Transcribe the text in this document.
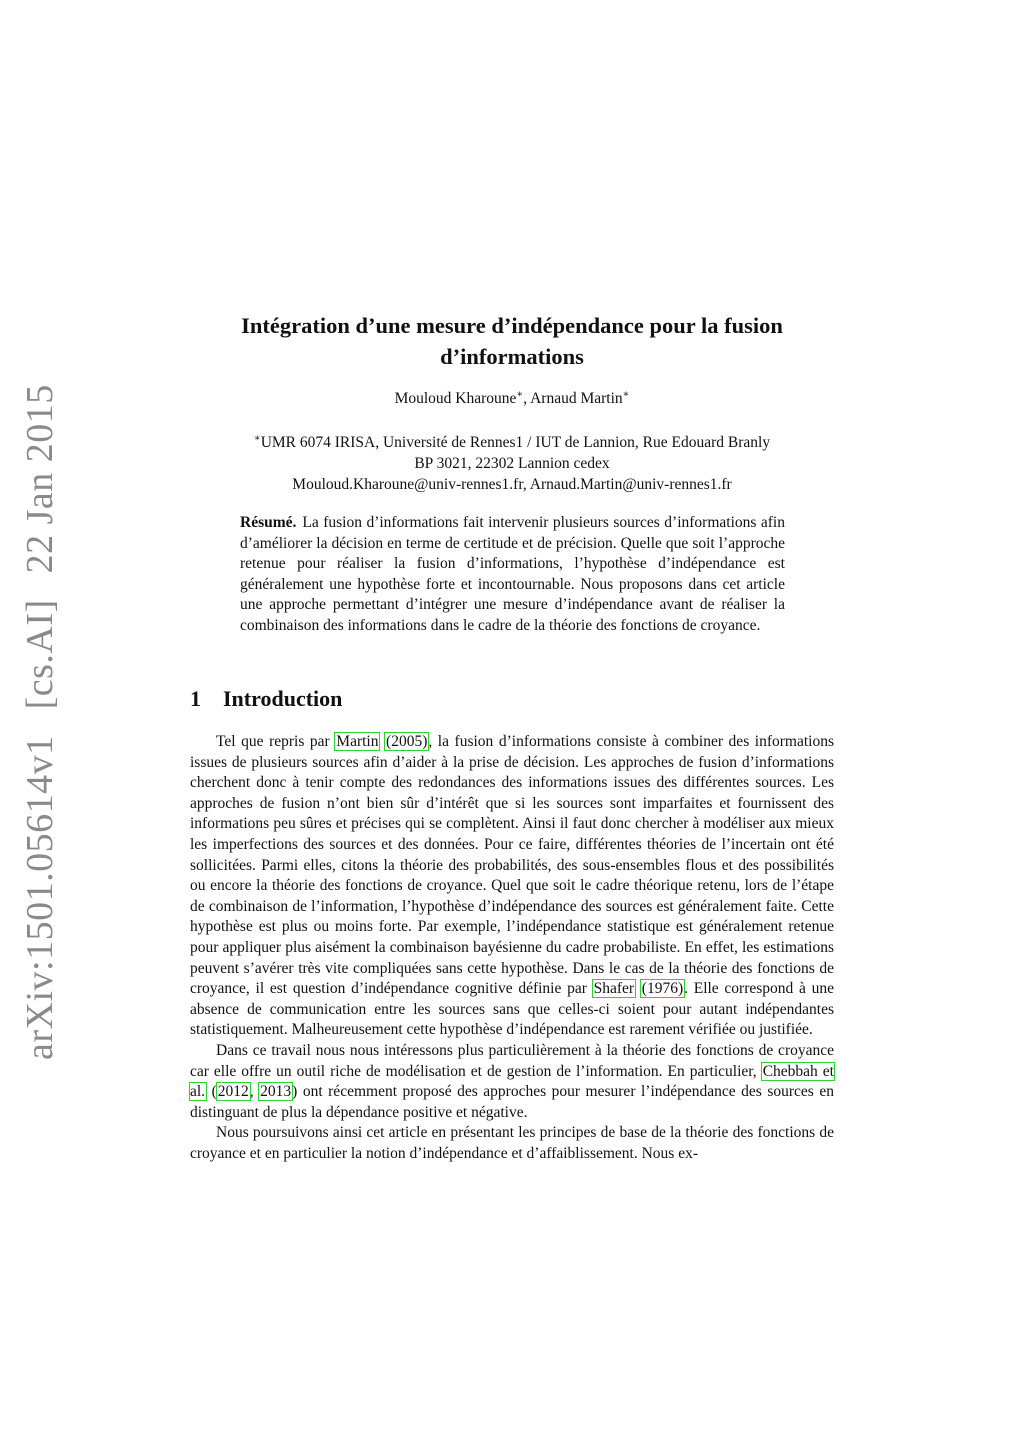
arXiv:1501.05614v1[cs.AI]22 Jan 2015
Intégration d’une mesure d’indépendance pour la fusion d’informations
Mouloud Kharoune∗, Arnaud Martin∗
∗UMR 6074 IRISA, Université de Rennes1 / IUT de Lannion, Rue Edouard Branly
BP 3021, 22302 Lannion cedex
Mouloud.Kharoune@univ-rennes1.fr, Arnaud.Martin@univ-rennes1.fr
Résumé. La fusion d’informations fait intervenir plusieurs sources d’informations afin d’améliorer la décision en terme de certitude et de précision. Quelle que soit l’approche retenue pour réaliser la fusion d’informations, l’hypothèse d’indépendance est généralement une hypothèse forte et incontournable. Nous proposons dans cet article une approche permettant d’intégrer une mesure d’indépendance avant de réaliser la combinaison des informations dans le cadre de la théorie des fonctions de croyance.
1 Introduction

Tel que repris par Martin (2005), la fusion d’informations consiste à combiner des informations issues de plusieurs sources afin d’aider à la prise de décision. Les approches de fusion d’informations cherchent donc à tenir compte des redondances des informations issues des différentes sources. Les approches de fusion n’ont bien sûr d’intérêt que si les sources sont imparfaites et fournissent des informations peu sûres et précises qui se complètent. Ainsi il faut donc chercher à modéliser aux mieux les imperfections des sources et des données. Pour ce faire, différentes théories de l’incertain ont été sollicitées. Parmi elles, citons la théorie des probabilités, des sous-ensembles flous et des possibilités ou encore la théorie des fonctions de croyance. Quel que soit le cadre théorique retenu, lors de l’étape de combinaison de l’information, l’hypothèse d’indépendance des sources est généralement faite. Cette hypothèse est plus ou moins forte. Par exemple, l’indépendance statistique est généralement retenue pour appliquer plus aisément la combinaison bayésienne du cadre probabiliste. En effet, les estimations peuvent s’avérer très vite compliquées sans cette hypothèse. Dans le cas de la théorie des fonctions de croyance, il est question d’indépendance cognitive définie par Shafer (1976). Elle correspond à une absence de communication entre les sources sans que celles-ci soient pour autant indépendantes statistiquement. Malheureusement cette hypothèse d’indépendance est rarement vérifiée ou justifiée.

Dans ce travail nous nous intéressons plus particulièrement à la théorie des fonctions de croyance car elle offre un outil riche de modélisation et de gestion de l’information. En particulier, Chebbah et al. (2012, 2013) ont récemment proposé des approches pour mesurer l’indépendance des sources en distinguant de plus la dépendance positive et négative.

Nous poursuivons ainsi cet article en présentant les principes de base de la théorie des fonctions de croyance et en particulier la notion d’indépendance et d’affaiblissement. Nous ex-
